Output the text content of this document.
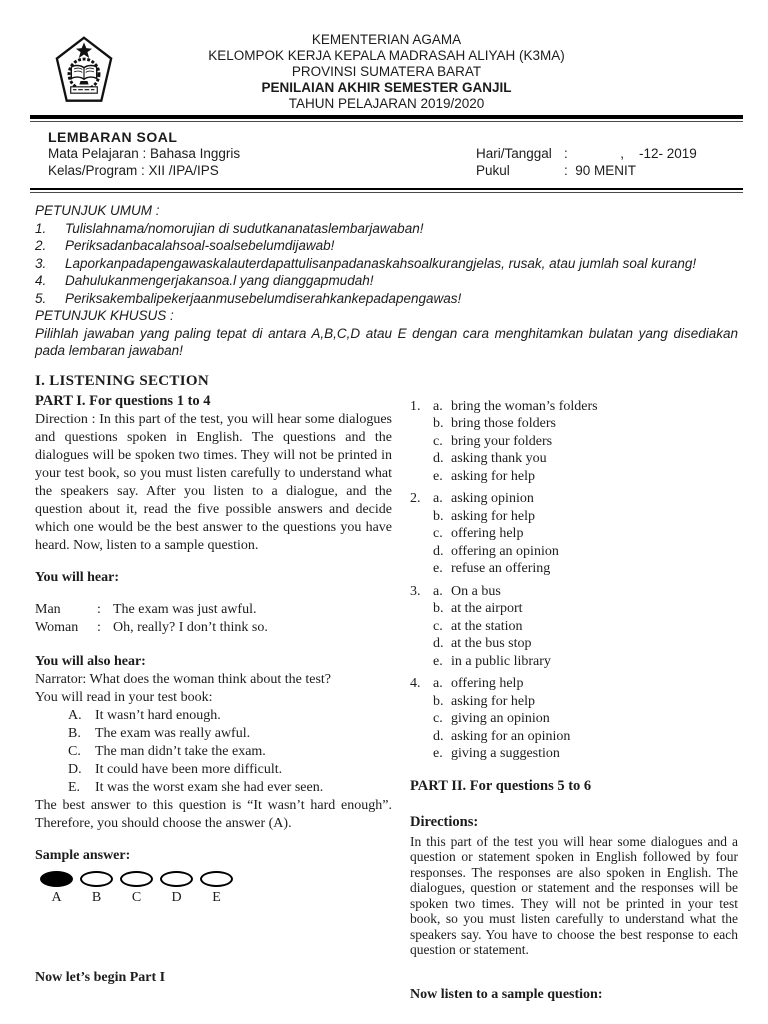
KEMENTERIAN AGAMA
KELOMPOK KERJA KEPALA MADRASAH ALIYAH (K3MA)
PROVINSI SUMATERA BARAT
PENILAIAN AKHIR SEMESTER GANJIL
TAHUN PELAJARAN 2019/2020
LEMBARAN SOAL
Mata Pelajaran : Bahasa Inggris
Kelas/Program : XII /IPA/IPS
Hari/Tanggal :              ,    -12- 2019
Pukul	:  90 MENIT

PETUNJUK UMUM :

1.	Tulislahnama/nomorujian di sudutkananataslembarjawaban!
2.	Periksadanbacalahsoal-soalsebelumdijawab!
3.	Laporkanpadapengawaskalauterdapattulisanpadanaskahsoalkurangjelas, rusak, atau jumlah soal kurang!
4.	Dahulukanmengerjakansoa.l yang dianggapmudah!
5.	Periksakembalipekerjaanmusebelumdiserahkankepadapengawas!

PETUNJUK KHUSUS :

Pilihlah jawaban yang paling tepat di antara A,B,C,D atau E dengan cara menghitamkan bulatan yang disediakan pada lembaran jawaban!

I. LISTENING SECTION
PART I. For questions 1 to 4

Direction : In this part of the test, you will hear some dialogues and questions spoken in English. The questions and the dialogues will be spoken two times. They will not be printed in your test book, so you must listen carefully to understand what the speakers say. After you listen to a dialogue, and the question about it, read the five possible answers and decide which one would be the best answer to the questions you have heard. Now, listen to a sample question.

You will hear:

Man	: The exam was just awful.
Woman	: Oh, really? I don’t think so.

You will also hear:

Narrator: What does the woman think about the test?

You will read in your test book:

A. It wasn’t hard enough.
B.	The exam was really awful.
C.	The man didn’t take the exam.
D. It could have been more difficult.
E.	It was the worst exam she had ever seen.

The best answer to this question is “It wasn’t hard enough”. Therefore, you should choose the answer (A).

Sample answer:

A B C D E

Now let’s begin Part I

1. a. bring the woman’s folders
b. bring those folders
c. bring your folders
d. asking thank you
e. asking for help
2. a. asking opinion
b. asking for help
c. offering help
d. offering an opinion
e. refuse an offering
3. a. On a bus
b. at the airport
c. at the station
d. at the bus stop
e. in a public library
4. a. offering help
b. asking for help
c. giving an opinion
d. asking for an opinion
e. giving a suggestion
PART II. For questions 5 to 6
Directions:

In this part of the test you will hear some dialogues and a question or statement spoken in English followed by four responses. The responses are also spoken in English. The dialogues, question or statement and the responses will be spoken two times. They will not be printed in your test book, so you must listen carefully to understand what the speakers say. You have to choose the best response to each question or statement.

Now listen to a sample question:
